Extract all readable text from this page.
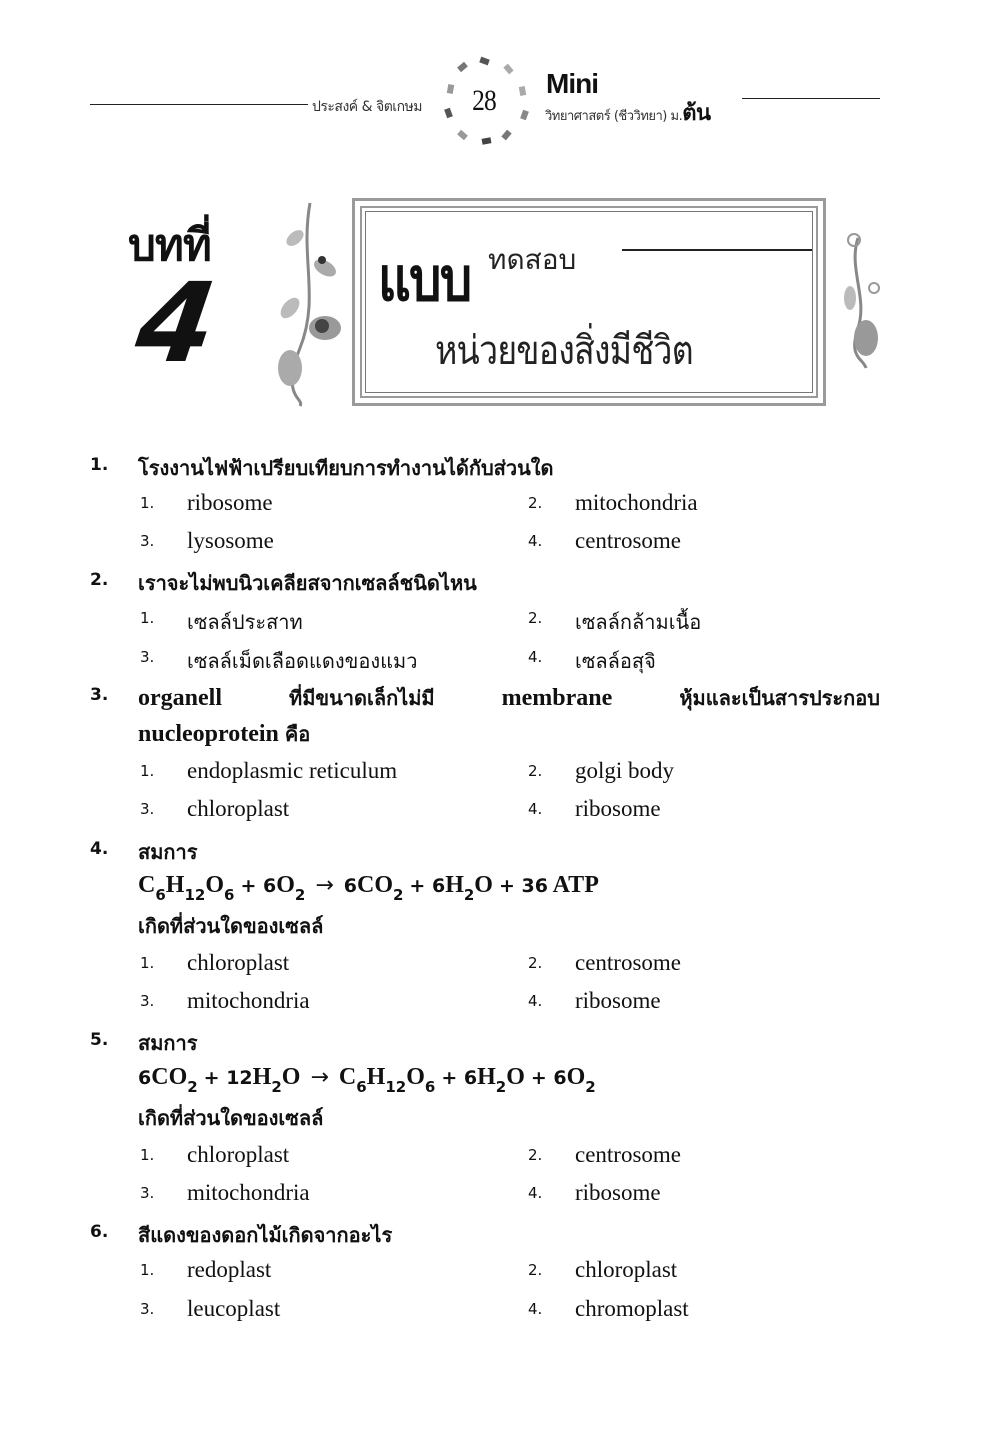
ประสงค์ & จิตเกษม 28
Mini
วิทยาศาสตร์ (ชีววิทยา) ม.ต้น
บทที่
4	แบบ ทดสอบ
หน่วยของสิ่งมีชีวิต
1. โรงงานไฟฟ้าเปรียบเทียบการทำงานได้กับส่วนใด
1. ribosome	2. mitochondria
3. lysosome	4. centrosome
2. เราจะไม่พบนิวเคลียสจากเซลล์ชนิดไหน
1. เซลล์ประสาท	2. เซลล์กล้ามเนื้อ
3. เซลล์เม็ดเลือดแดงของแมว	4. เซลล์อสุจิ
3. organell	ที่มีขนาดเล็กไม่มี	membrane	หุ้มและเป็นสารประกอบ
nucleoprotein คือ
1. endoplasmic reticulum	2. golgi body
3. chloroplast	4. ribosome
4. สมการ
$C_6H_{12}O_6 + 6O_2 \to 6CO_2 + 6H_2O + 36$ ATP
เกิดที่ส่วนใดของเซลล์
1. chloroplast	2. centrosome
3. mitochondria	4. ribosome
5. สมการ
$6CO_2 + 12H_2O \to C_6H_{12}O_6 + 6H_2O + 6O_2$
เกิดที่ส่วนใดของเซลล์
1. chloroplast	2. centrosome
3. mitochondria	4. ribosome
6. สีแดงของดอกไม้เกิดจากอะไร
1. redoplast	2. chloroplast
3. leucoplast	4. chromoplast
